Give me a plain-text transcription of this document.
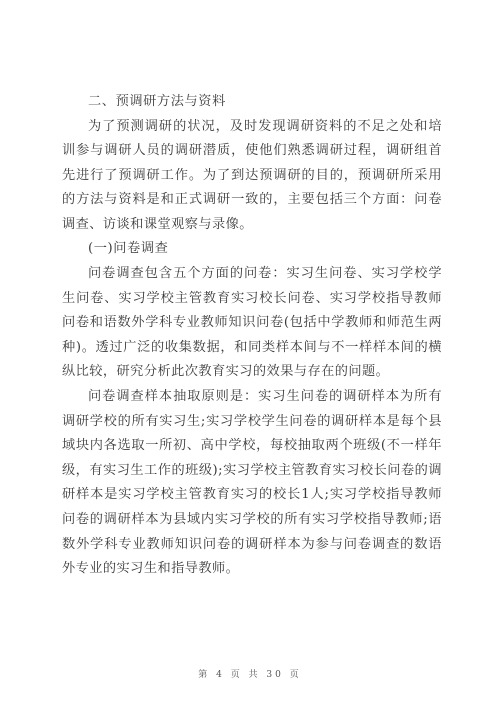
二、预调研方法与资料

为了预测调研的状况，及时发现调研资料的不足之处和培训参与调研人员的调研潜质，使他们熟悉调研过程，调研组首先进行了预调研工作。为了到达预调研的目的，预调研所采用的方法与资料是和正式调研一致的，主要包括三个方面：问卷调查、访谈和课堂观察与录像。

(一)问卷调查

问卷调查包含五个方面的问卷：实习生问卷、实习学校学生问卷、实习学校主管教育实习校长问卷、实习学校指导教师问卷和语数外学科专业教师知识问卷(包括中学教师和师范生两种)。透过广泛的收集数据，和同类样本间与不一样样本间的横纵比较，研究分析此次教育实习的效果与存在的问题。

问卷调查样本抽取原则是：实习生问卷的调研样本为所有调研学校的所有实习生;实习学校学生问卷的调研样本是每个县域块内各选取一所初、高中学校，每校抽取两个班级(不一样年级，有实习生工作的班级);实习学校主管教育实习校长问卷的调研样本是实习学校主管教育实习的校长1人;实习学校指导教师问卷的调研样本为县域内实习学校的所有实习学校指导教师;语数外学科专业教师知识问卷的调研样本为参与问卷调查的数语外专业的实习生和指导教师。

第 4 页 共 30 页
